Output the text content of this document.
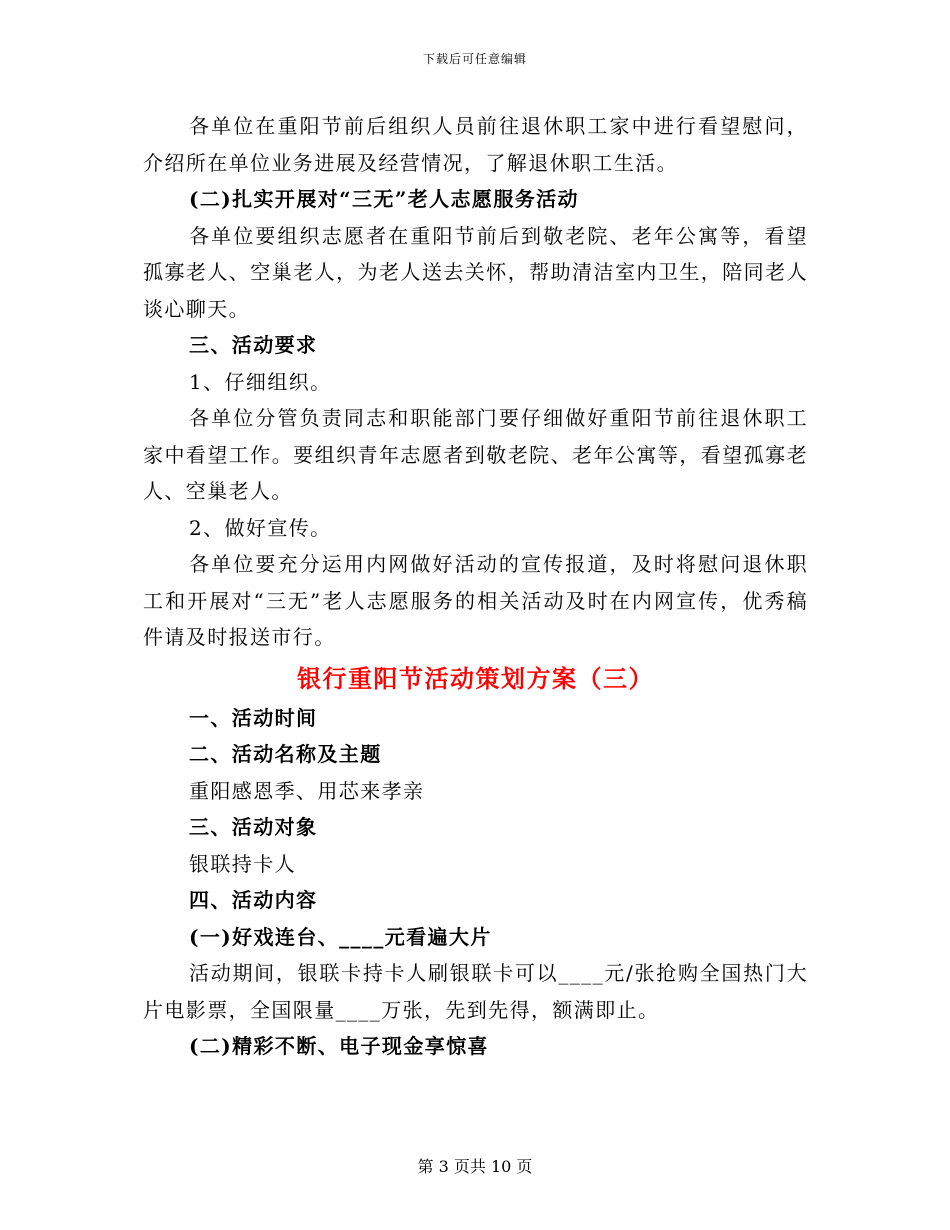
下载后可任意编辑

各单位在重阳节前后组织人员前往退休职工家中进行看望慰问，介绍所在单位业务进展及经营情况，了解退休职工生活。

(二)扎实开展对“三无”老人志愿服务活动

各单位要组织志愿者在重阳节前后到敬老院、老年公寓等，看望孤寡老人、空巢老人，为老人送去关怀，帮助清洁室内卫生，陪同老人谈心聊天。

三、活动要求

1、仔细组织。

各单位分管负责同志和职能部门要仔细做好重阳节前往退休职工家中看望工作。要组织青年志愿者到敬老院、老年公寓等，看望孤寡老人、空巢老人。

2、做好宣传。

各单位要充分运用内网做好活动的宣传报道，及时将慰问退休职工和开展对“三无”老人志愿服务的相关活动及时在内网宣传，优秀稿件请及时报送市行。

银行重阳节活动策划方案（三）

一、活动时间

二、活动名称及主题

重阳感恩季、用芯来孝亲

三、活动对象

银联持卡人

四、活动内容

(一)好戏连台、____元看遍大片

活动期间，银联卡持卡人刷银联卡可以____元/张抢购全国热门大片电影票，全国限量____万张，先到先得，额满即止。

(二)精彩不断、电子现金享惊喜

第 3 页共 10 页
